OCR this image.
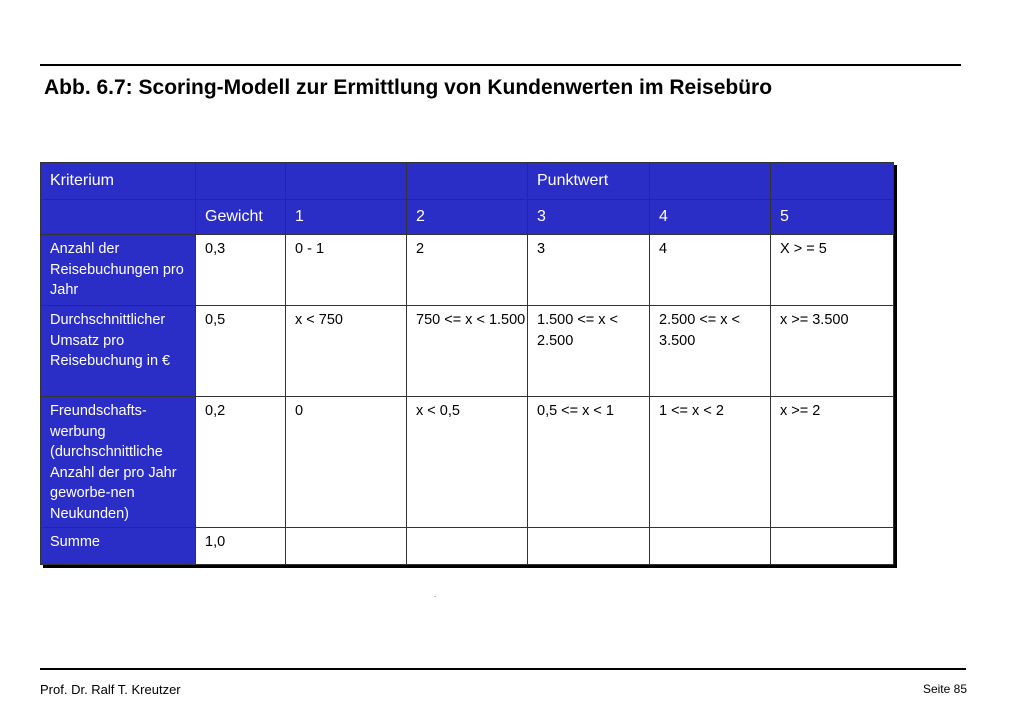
Abb. 6.7: Scoring-Modell zur Ermittlung von Kundenwerten im Reisebüro
Kriterium				Punktwert		
	Gewicht	1	2	3	4	5
Anzahl der Reisebuchungen pro Jahr	0,3	0 - 1	2	3	4	X > = 5
Durchschnittlicher Umsatz pro Reisebuchung in €	0,5	x < 750	750 <= x < 1.500	1.500 <= x < 2.500	2.500 <= x < 3.500	x >= 3.500
Freundschafts-werbung (durchschnittliche Anzahl der pro Jahr geworbe-nen Neukunden)	0,2	0	x < 0,5	0,5 <= x < 1	1 <= x < 2	x >= 2
Summe	1,0					
Prof. Dr. Ralf T. Kreutzer	Seite 85
